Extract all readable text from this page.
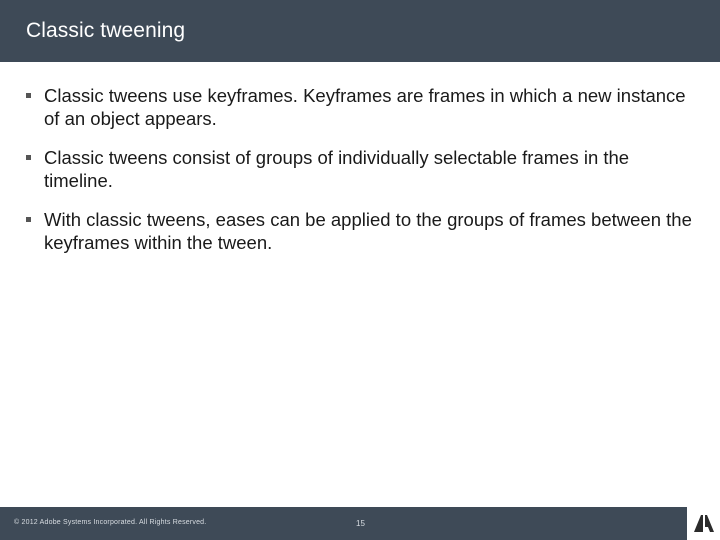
Classic tweening
Classic tweens use keyframes. Keyframes are frames in which a new instance of an object appears.
Classic tweens consist of groups of individually selectable frames in the timeline.
With classic tweens, eases can be applied to the groups of frames between the keyframes within the tween.
© 2012 Adobe Systems Incorporated. All Rights Reserved.	15
